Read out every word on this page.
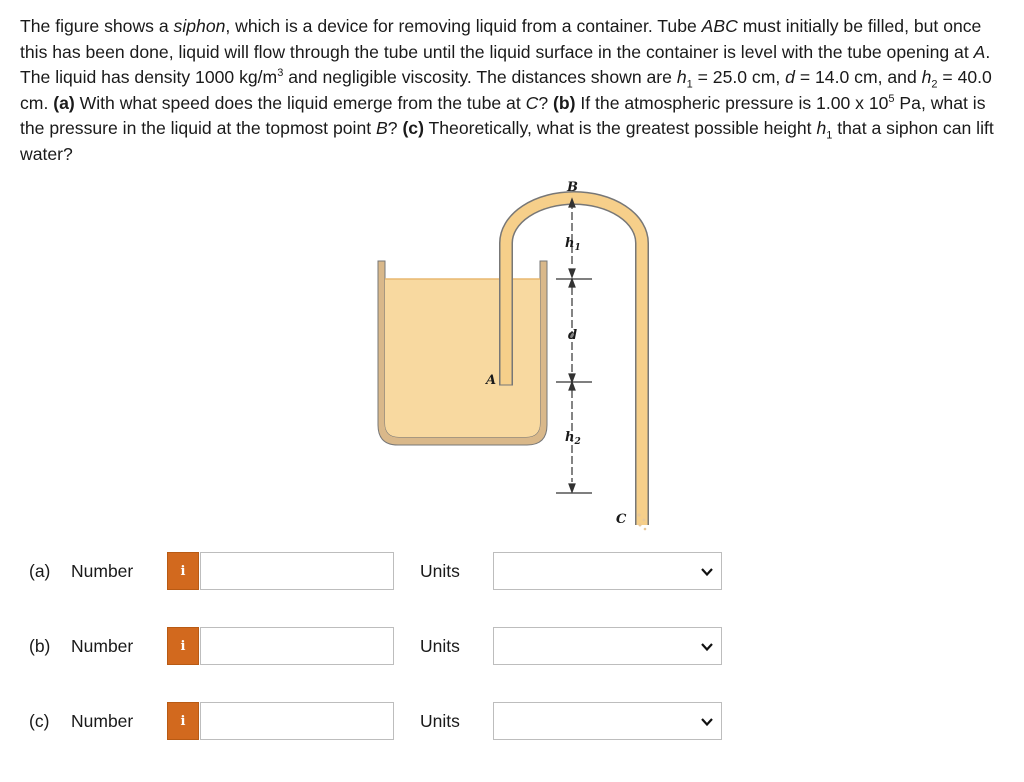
The figure shows a siphon, which is a device for removing liquid from a container. Tube ABC must initially be filled, but once this has been done, liquid will flow through the tube until the liquid surface in the container is level with the tube opening at A. The liquid has density 1000 $kg/m^3$ and negligible viscosity. The distances shown are $h_1 = 25.0$ cm, d = 14.0 cm, and $h_2 = 40.0$ cm. (a) With what speed does the liquid emerge from the tube at C? (b) If the atmospheric pressure is 1.00 x $10^5$ Pa, what is the pressure in the liquid at the topmost point B? (c) Theoretically, what is the greatest possible height $h_1$ that a siphon can lift water?
B
$h_1$
d
A
$h_2$
C
(a) Number	i	Units
(b) Number	i	Units
(c) Number	i	Units
